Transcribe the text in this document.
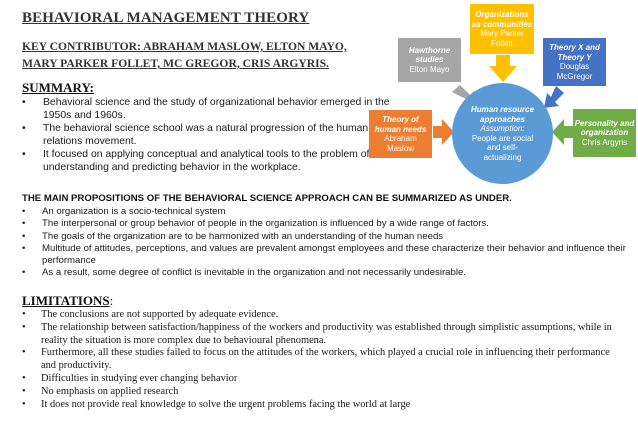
BEHAVIORAL MANAGEMENT THEORY
KEY CONTRIBUTOR: ABRAHAM MASLOW, ELTON MAYO, MARY PARKER FOLLET, MC GREGOR, CRIS ARGYRIS.
SUMMARY:
• Behavioral science and the study of organizational behavior emerged in the 1950s and 1960s.
• The behavioral science school was a natural progression of the human relations movement.
• It focused on applying conceptual and analytical tools to the problem of understanding and predicting behavior in the workplace.
THE MAIN PROPOSITIONS OF THE BEHAVIORAL SCIENCE APPROACH CAN BE SUMMARIZED AS UNDER.
• An organization is a socio-technical system
• The interpersonal or group behavior of people in the organization is influenced by a wide range of factors.
• The goals of the organization are to be harmonized with an understanding of the human needs
• Multitude of attitudes, perceptions, and values are prevalent amongst employees and these characterize their behavior and influence their performance
• As a result, some degree of conflict is inevitable in the organization and not necessarily undesirable.
LIMITATIONS:
• The conclusions are not supported by adequate evidence.
• The relationship between satisfaction/happiness of the workers and productivity was established through simplistic assumptions, while in reality the situation is more complex due to behavioural phenomena.
• Furthermore, all these studies failed to focus on the attitudes of the workers, which played a crucial role in influencing their performance and productivity.
• Difficulties in studying ever changing behavior
• No emphasis on applied research
• It does not provide real knowledge to solve the urgent problems facing the world at large
Human resource
approaches
Assumption:
People are social
and self-
actualizing
Hawthorne
studies
Elton Mayo
Organizations
as communities
Mary Parker
Follett	Theory X and
Theory Y
Douglas
McGregor
Theory of
human needs
Abraham
Maslow
Personality and
organization
Chris Argyris
